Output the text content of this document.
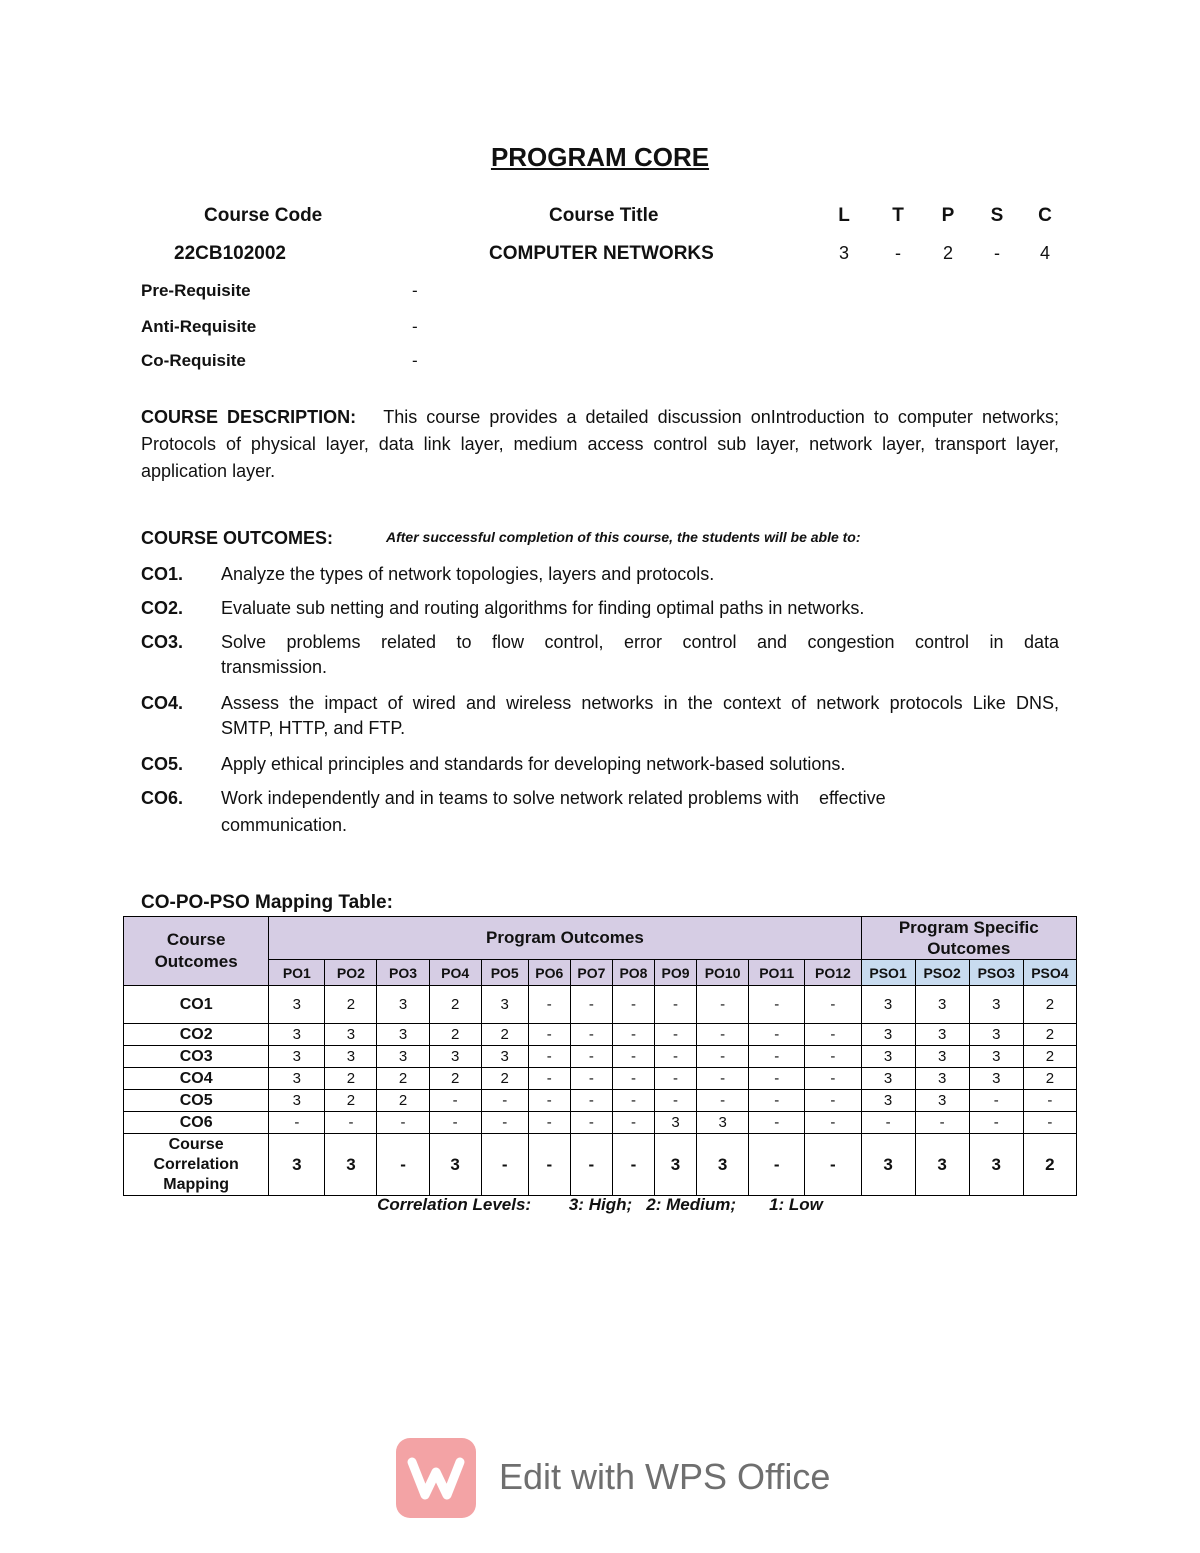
PROGRAM CORE
Course Code	Course Title	L	T	P	S	C
22CB102002	COMPUTER NETWORKS	3	-	2	-	4
Pre-Requisite	-
Anti-Requisite	-
Co-Requisite	-
COURSE DESCRIPTION: This course provides a detailed discussion onIntroduction to computer networks; Protocols of physical layer, data link layer, medium access control sub layer, network layer, transport layer, application layer.
COURSE OUTCOMES:	After successful completion of this course, the students will be able to:
CO1. Analyze the types of network topologies, layers and protocols.
CO2. Evaluate sub netting and routing algorithms for finding optimal paths in networks.
CO3. Solve problems related to flow control, error control and congestion control in data
transmission.
CO4. Assess the impact of wired and wireless networks in the context of network protocols Like DNS,
SMTP, HTTP, and FTP.
CO5. Apply ethical principles and standards for developing network-based solutions.
CO6. Work independently and in teams to solve network related problems with    effective
communication.
CO-PO-PSO Mapping Table:
Course Outcomes	Program Outcomes												Program Specific Outcomes			
	PO1	PO2	PO3	PO4	PO5	PO6	PO7	PO8	PO9	PO10	PO11	PO12	PSO1	PSO2	PSO3	PSO4
CO1	3	2	3	2	3	-	-	-	-	-	-	-	3	3	3	2
CO2	3	3	3	2	2	-	-	-	-	-	-	-	3	3	3	2
CO3	3	3	3	3	3	-	-	-	-	-	-	-	3	3	3	2
CO4	3	2	2	2	2	-	-	-	-	-	-	-	3	3	3	2
CO5	3	2	2	-	-	-	-	-	-	-	-	-	3	3	-	-
CO6	-	-	-	-	-	-	-	-	3	3	-	-	-	-	-	-
Course Correlation Mapping	3	3	-	3	-	-	-	-	3	3	-	-	3	3	3	2
Correlation Levels:        3: High;   2: Medium;       1: Low
Edit with WPS Office
